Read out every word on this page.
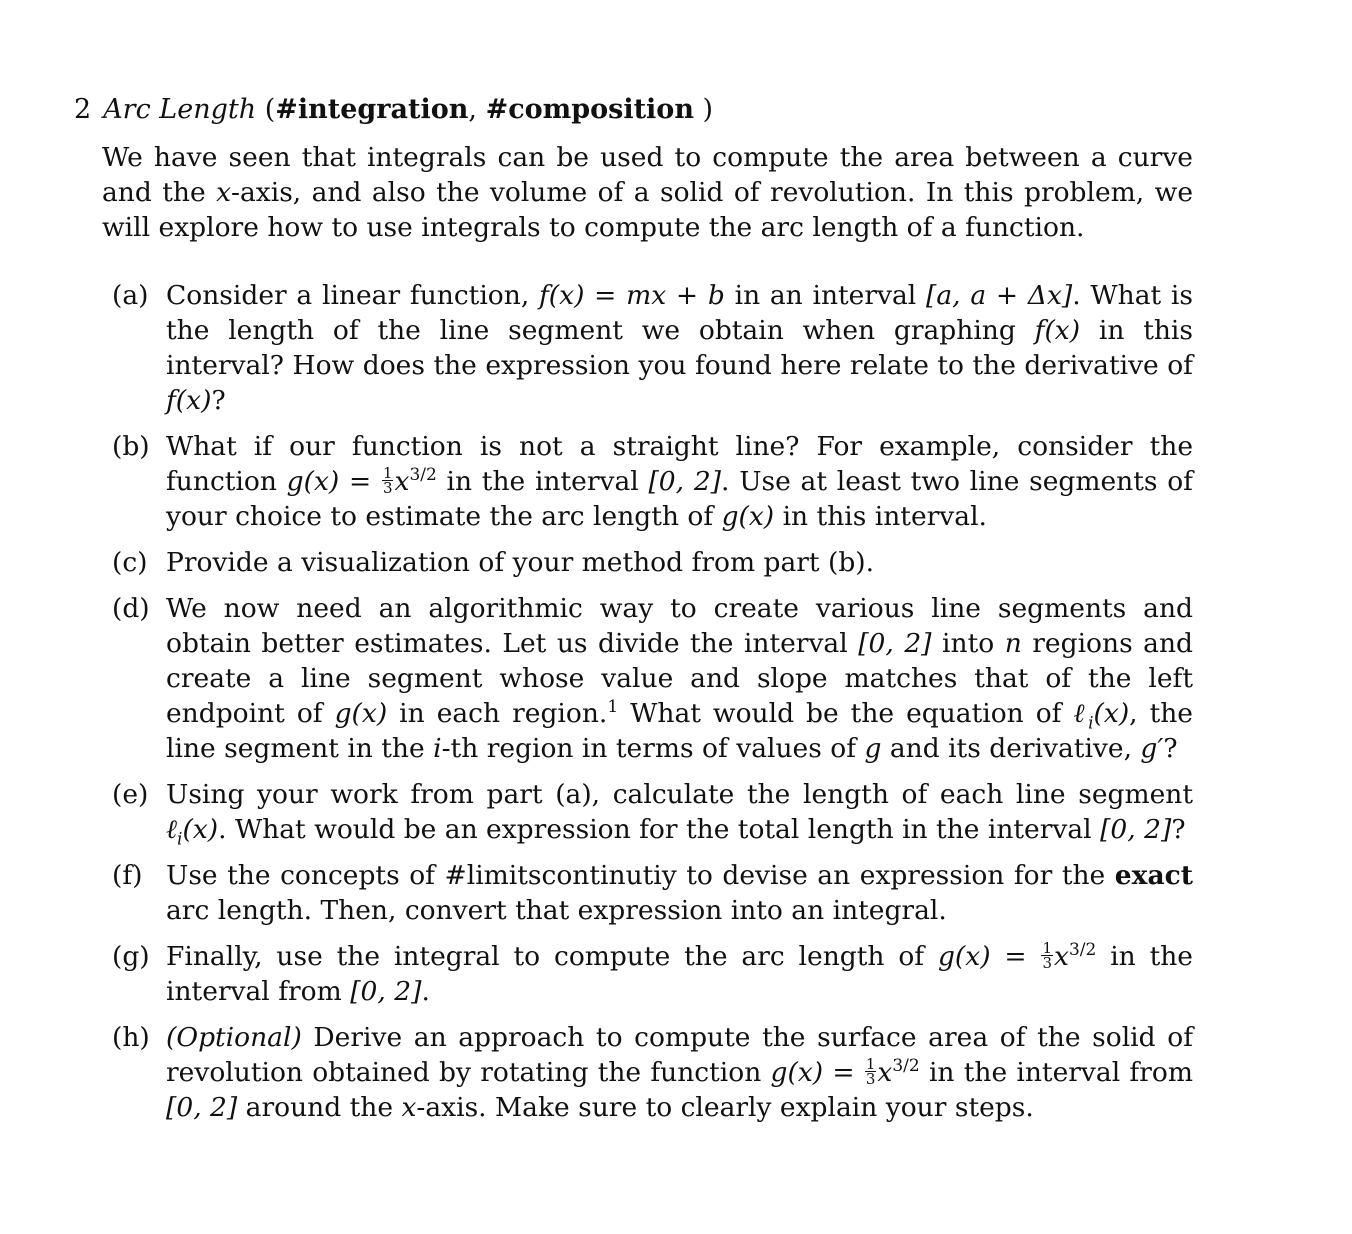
2 Arc Length (#integration, #composition )
We have seen that integrals can be used to compute the area between a curve and the x-axis, and also the volume of a solid of revolution. In this problem, we will explore how to use integrals to compute the arc length of a function.
(a) Consider a linear function, f(x) = mx + b in an interval [a, a + Δx]. What is the length of the line segment we obtain when graphing f(x) in this interval? How does the expression you found here relate to the derivative of f(x)?
(b) What if our function is not a straight line? For example, consider the function $g(x) = \frac{1}{3} x^{3/2}$ in the interval [0, 2]. Use at least two line segments of your choice to estimate the arc length of g(x) in this interval.
(c) Provide a visualization of your method from part (b).
(d) We now need an algorithmic way to create various line segments and obtain better estimates. Let us divide the interval [0, 2] into n regions and create a line segment whose value and slope matches that of the left endpoint of g(x) in each region.$^1$ What would be the equation of ℓ$_i$(x), the line segment in the i-th region in terms of values of g and its derivative, g′?
(e) Using your work from part (a), calculate the length of each line segment ℓ$_i$(x). What would be an expression for the total length in the interval [0, 2]?
(f) Use the concepts of #limitscontinutiy to devise an expression for the exact arc length. Then, convert that expression into an integral.
(g) Finally, use the integral to compute the arc length of $g(x) = \frac{1}{3} x^{3/2}$ in the interval from [0, 2].
(h) (Optional) Derive an approach to compute the surface area of the solid of revolution obtained by rotating the function $g(x) = \frac{1}{3} x^{3/2}$ in the interval from [0, 2] around the x-axis. Make sure to clearly explain your steps.
